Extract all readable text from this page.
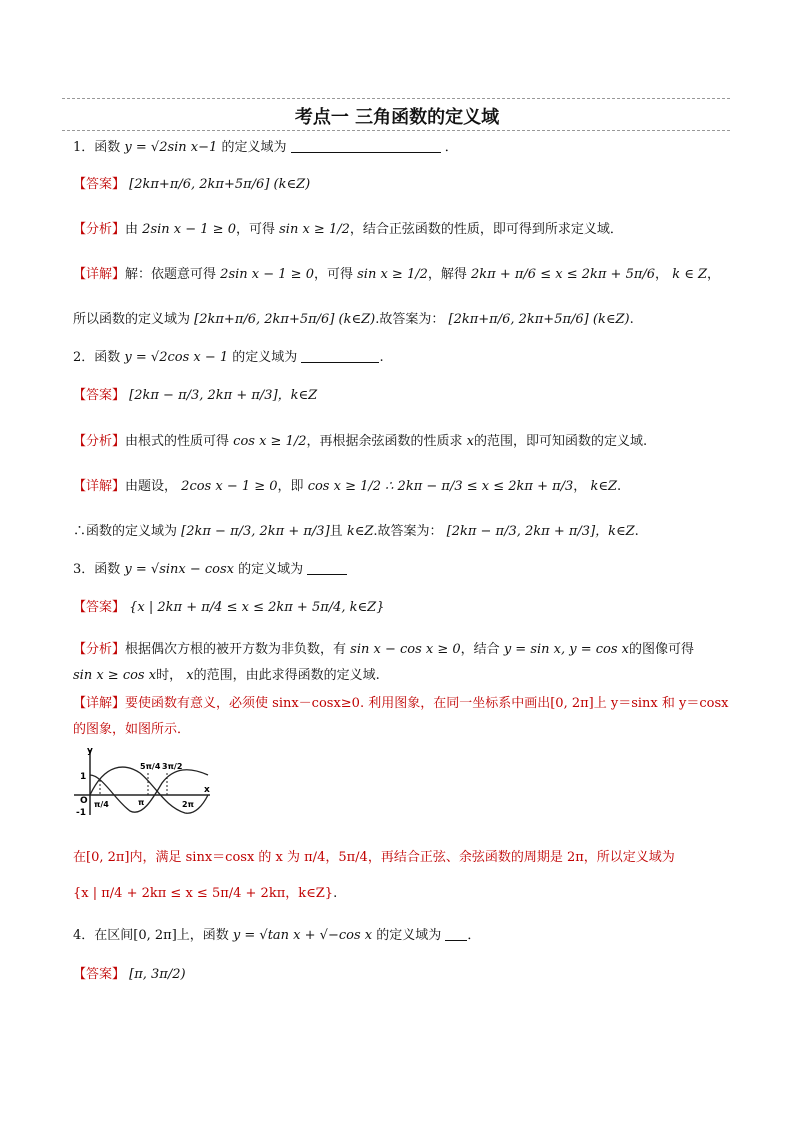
考点一 三角函数的定义域
1．函数 y = √2sin x−1 的定义域为	．
【答案】 [2kπ+π/6, 2kπ+5π/6] (k∈Z)
【分析】由 2sin x − 1 ≥ 0，可得 sin x ≥ 1/2，结合正弦函数的性质，即可得到所求定义域．
【详解】解：依题意可得 2sin x − 1 ≥ 0，可得 sin x ≥ 1/2，解得 2kπ + π/6 ≤ x ≤ 2kπ + 5π/6， k ∈ Z，
所以函数的定义域为 [2kπ+π/6, 2kπ+5π/6] (k∈Z).故答案为： [2kπ+π/6, 2kπ+5π/6] (k∈Z).
2．函数 y = √2cos x − 1 的定义域为	.
【答案】 [2kπ − π/3, 2kπ + π/3]，k∈Z
【分析】由根式的性质可得 cos x ≥ 1/2，再根据余弦函数的性质求 x的范围，即可知函数的定义域.
【详解】由题设， 2cos x − 1 ≥ 0，即 cos x ≥ 1/2 ∴ 2kπ − π/3 ≤ x ≤ 2kπ + π/3， k∈Z.
∴函数的定义域为 [2kπ − π/3, 2kπ + π/3]且 k∈Z.故答案为： [2kπ − π/3, 2kπ + π/3]，k∈Z.
3．函数 y = √sinx − cosx 的定义域为
【答案】 {x | 2kπ + π/4 ≤ x ≤ 2kπ + 5π/4, k∈Z}
【分析】根据偶次方根的被开方数为非负数，有 sin x − cos x ≥ 0，结合 y = sin x, y = cos x的图像可得
sin x ≥ cos x时， x的范围，由此求得函数的定义域.
【详解】要使函数有意义，必须使 sinx－cosx≥0. 利用图象，在同一坐标系中画出[0, 2π]上 y＝sinx 和 y＝cosx
的图象，如图所示．
y
x
1
O
-1
π/4	π
5π/4 3π/2
2π
在[0, 2π]内，满足 sinx＝cosx 的 x 为 π/4，5π/4，再结合正弦、余弦函数的周期是 2π，所以定义域为
{x | π/4 + 2kπ ≤ x ≤ 5π/4 + 2kπ，k∈Z}.
4．在区间[0, 2π]上，函数 y = √tan x + √−cos x 的定义域为 ．
【答案】 [π, 3π/2)
